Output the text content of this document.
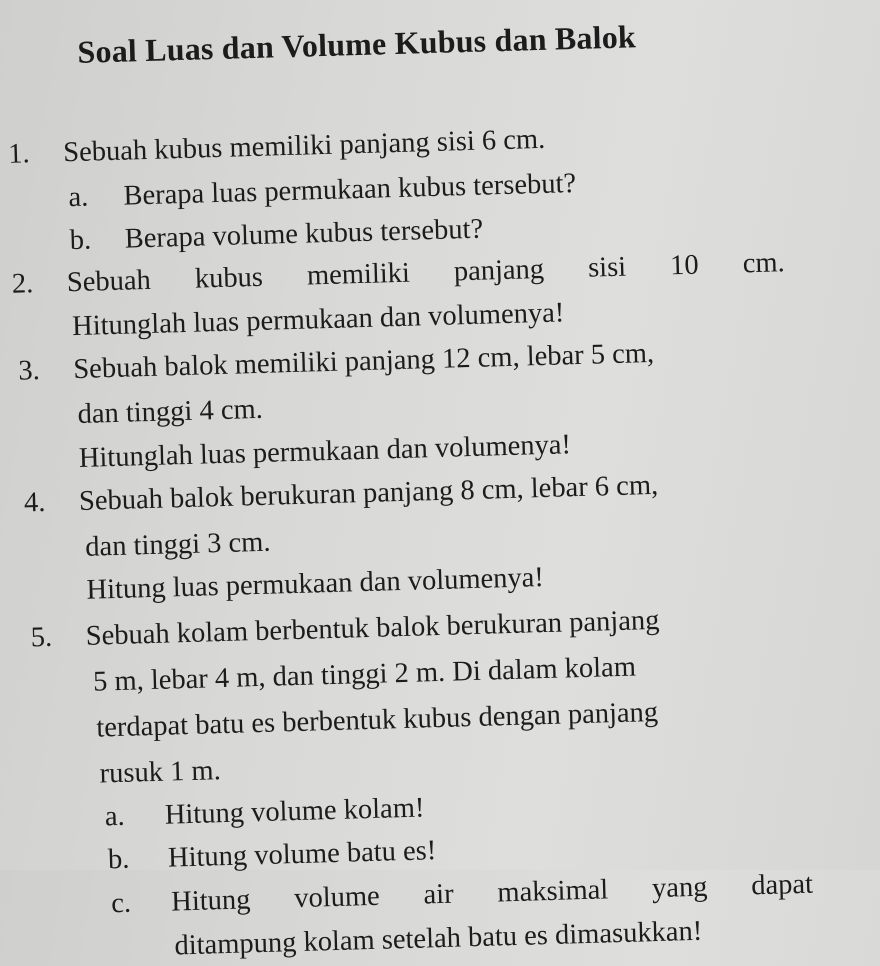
Soal Luas dan Volume Kubus dan Balok
1. Sebuah kubus memiliki panjang sisi 6 cm.
a. Berapa luas permukaan kubus tersebut?
b. Berapa volume kubus tersebut?
2.	Sebuah kubus memiliki panjang sisi 10 cm.
Hitunglah luas permukaan dan volumenya!
3. Sebuah balok memiliki panjang 12 cm, lebar 5 cm,
dan tinggi 4 cm.
Hitunglah luas permukaan dan volumenya!
4. Sebuah balok berukuran panjang 8 cm, lebar 6 cm,
dan tinggi 3 cm.
Hitung luas permukaan dan volumenya!
5. Sebuah kolam berbentuk balok berukuran panjang
5 m, lebar 4 m, dan tinggi 2 m. Di dalam kolam
terdapat batu es berbentuk kubus dengan panjang
rusuk 1 m.
a. Hitung volume kolam!
b. Hitung volume batu es!
c.	Hitung volume air maksimal yang dapat
ditampung kolam setelah batu es dimasukkan!
